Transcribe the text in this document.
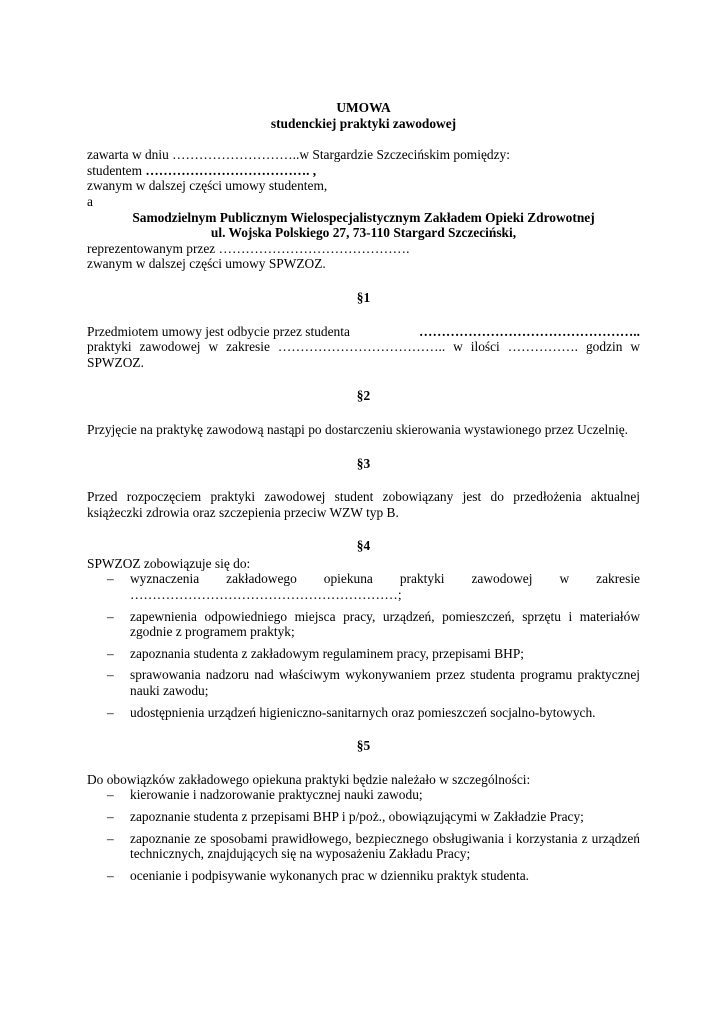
UMOWA
studenckiej praktyki zawodowej

zawarta w dniu ………………………..w Stargardzie Szczecińskim pomiędzy:

studentem ………………………………. ,

zwanym w dalszej części umowy studentem,

a

Samodzielnym Publicznym Wielospecjalistycznym Zakładem Opieki Zdrowotnej

ul. Wojska Polskiego 27, 73-110 Stargard Szczeciński,

reprezentowanym przez …………………………………….

zwanym w dalszej części umowy SPWZOZ.

§1

Przedmiotem umowy jest odbycie przez studenta	…………………………………………..

praktyki zawodowej w zakresie ……………………………….. w ilości ……………. godzin w SPWZOZ.

§2

Przyjęcie na praktykę zawodową nastąpi po dostarczeniu skierowania wystawionego przez Uczelnię.

§3

Przed rozpoczęciem praktyki zawodowej student zobowiązany jest do przedłożenia aktualnej książeczki zdrowia oraz szczepienia przeciw WZW typ B.

§4

SPWZOZ zobowiązuje się do:

– wyznaczenia zakładowego opiekuna praktyki zawodowej w zakresie ……………………………………………………;
– zapewnienia odpowiedniego miejsca pracy, urządzeń, pomieszczeń, sprzętu i materiałów zgodnie z programem praktyk;
– zapoznania studenta z zakładowym regulaminem pracy, przepisami BHP;
– sprawowania nadzoru nad właściwym wykonywaniem przez studenta programu praktycznej nauki zawodu;
– udostępnienia urządzeń higieniczno-sanitarnych oraz pomieszczeń socjalno-bytowych.
§5

Do obowiązków zakładowego opiekuna praktyki będzie należało w szczególności:

– kierowanie i nadzorowanie praktycznej nauki zawodu;
– zapoznanie studenta z przepisami BHP i p/poż., obowiązującymi w Zakładzie Pracy;
– zapoznanie ze sposobami prawidłowego, bezpiecznego obsługiwania i korzystania z urządzeń technicznych, znajdujących się na wyposażeniu Zakładu Pracy;
– ocenianie i podpisywanie wykonanych prac w dzienniku praktyk studenta.
